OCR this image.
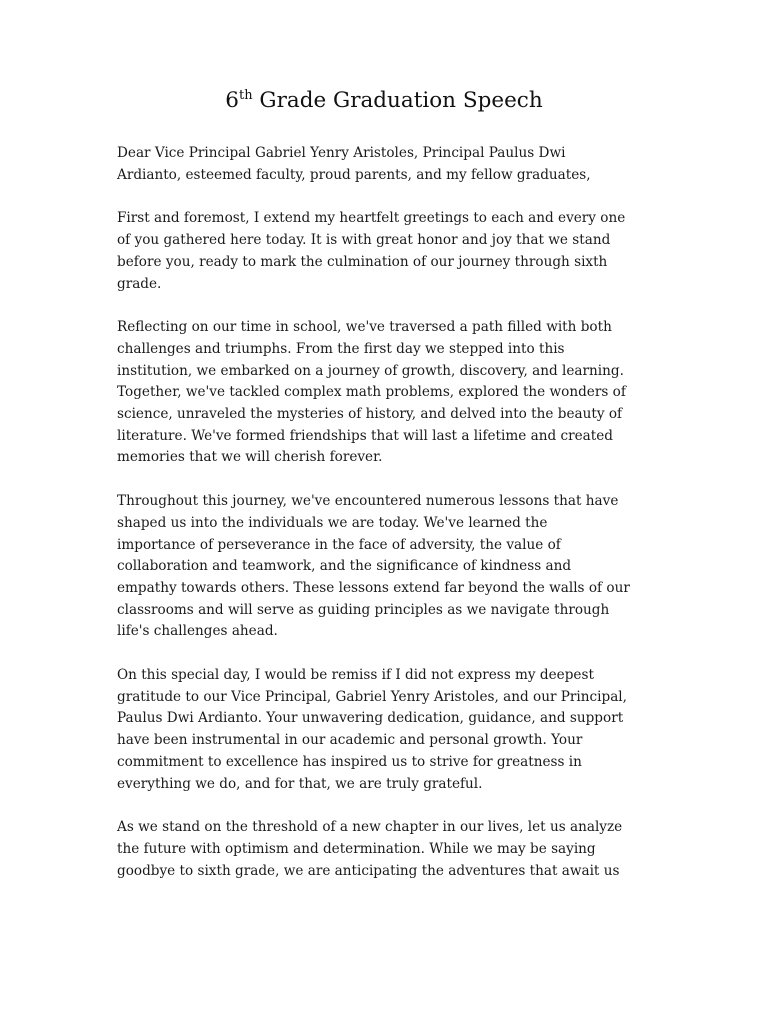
6th Grade Graduation Speech

Dear Vice Principal Gabriel Yenry Aristoles, Principal Paulus Dwi
Ardianto, esteemed faculty, proud parents, and my fellow graduates,

First and foremost, I extend my heartfelt greetings to each and every one
of you gathered here today. It is with great honor and joy that we stand
before you, ready to mark the culmination of our journey through sixth
grade.

Reflecting on our time in school, we've traversed a path filled with both
challenges and triumphs. From the first day we stepped into this
institution, we embarked on a journey of growth, discovery, and learning.
Together, we've tackled complex math problems, explored the wonders of
science, unraveled the mysteries of history, and delved into the beauty of
literature. We've formed friendships that will last a lifetime and created
memories that we will cherish forever.

Throughout this journey, we've encountered numerous lessons that have
shaped us into the individuals we are today. We've learned the
importance of perseverance in the face of adversity, the value of
collaboration and teamwork, and the significance of kindness and
empathy towards others. These lessons extend far beyond the walls of our
classrooms and will serve as guiding principles as we navigate through
life's challenges ahead.

On this special day, I would be remiss if I did not express my deepest
gratitude to our Vice Principal, Gabriel Yenry Aristoles, and our Principal,
Paulus Dwi Ardianto. Your unwavering dedication, guidance, and support
have been instrumental in our academic and personal growth. Your
commitment to excellence has inspired us to strive for greatness in
everything we do, and for that, we are truly grateful.

As we stand on the threshold of a new chapter in our lives, let us analyze
the future with optimism and determination. While we may be saying
goodbye to sixth grade, we are anticipating the adventures that await us
